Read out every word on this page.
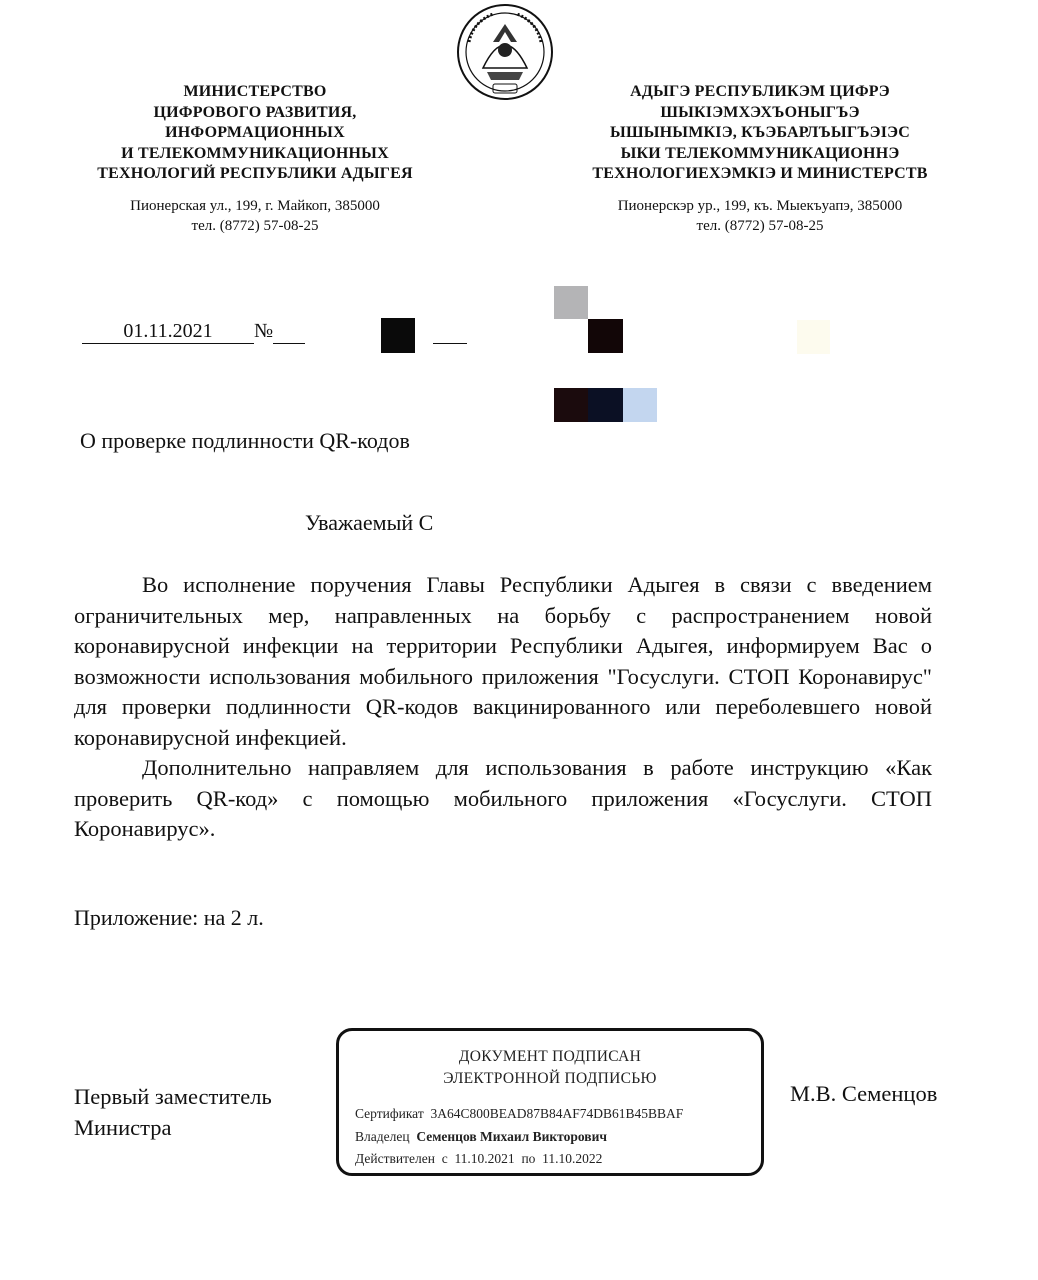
МИНИСТЕРСТВО
ЦИФРОВОГО РАЗВИТИЯ,
ИНФОРМАЦИОННЫХ
И ТЕЛЕКОММУНИКАЦИОННЫХ
ТЕХНОЛОГИЙ РЕСПУБЛИКИ АДЫГЕЯ
Пионерская ул., 199, г. Майкоп, 385000
тел. (8772) 57-08-25
АДЫГЭ РЕСПУБЛИКЭМ ЦИФРЭ
ШЫКIЭМХЭХЪОНЫГЪЭ
ЫШЫНЫМКIЭ, КЪЭБАРЛЪЫГЪЭIЭС
ЫКИ ТЕЛЕКОММУНИКАЦИОННЭ
ТЕХНОЛОГИЕХЭМКIЭ И МИНИСТЕРСТВ
Пионерскэр ур., 199, къ. Мыекъуапэ, 385000
тел. (8772) 57-08-25
01.11.2021 №
О проверке подлинности QR-кодов
Уважаемый С

Во исполнение поручения Главы Республики Адыгея в связи с введением ограничительных мер, направленных на борьбу с распространением новой коронавирусной инфекции на территории Республики Адыгея, информируем Вас о возможности использования мобильного приложения "Госуслуги. СТОП Коронавирус" для проверки подлинности QR-кодов вакцинированного или переболевшего новой коронавирусной инфекцией.

Дополнительно направляем для использования в работе инструкцию «Как проверить QR-код» с помощью мобильного приложения «Госуслуги. СТОП Коронавирус».

Приложение: на 2 л.
Первый заместитель
Министра
М.В. Семенцов
ДОКУМЕНТ ПОДПИСАН
ЭЛЕКТРОННОЙ ПОДПИСЬЮ
Сертификат 3A64C800BEAD87B84AF74DB61B45BBAF
Владелец Семенцов Михаил Викторович
Действителен с 11.10.2021 по 11.10.2022
